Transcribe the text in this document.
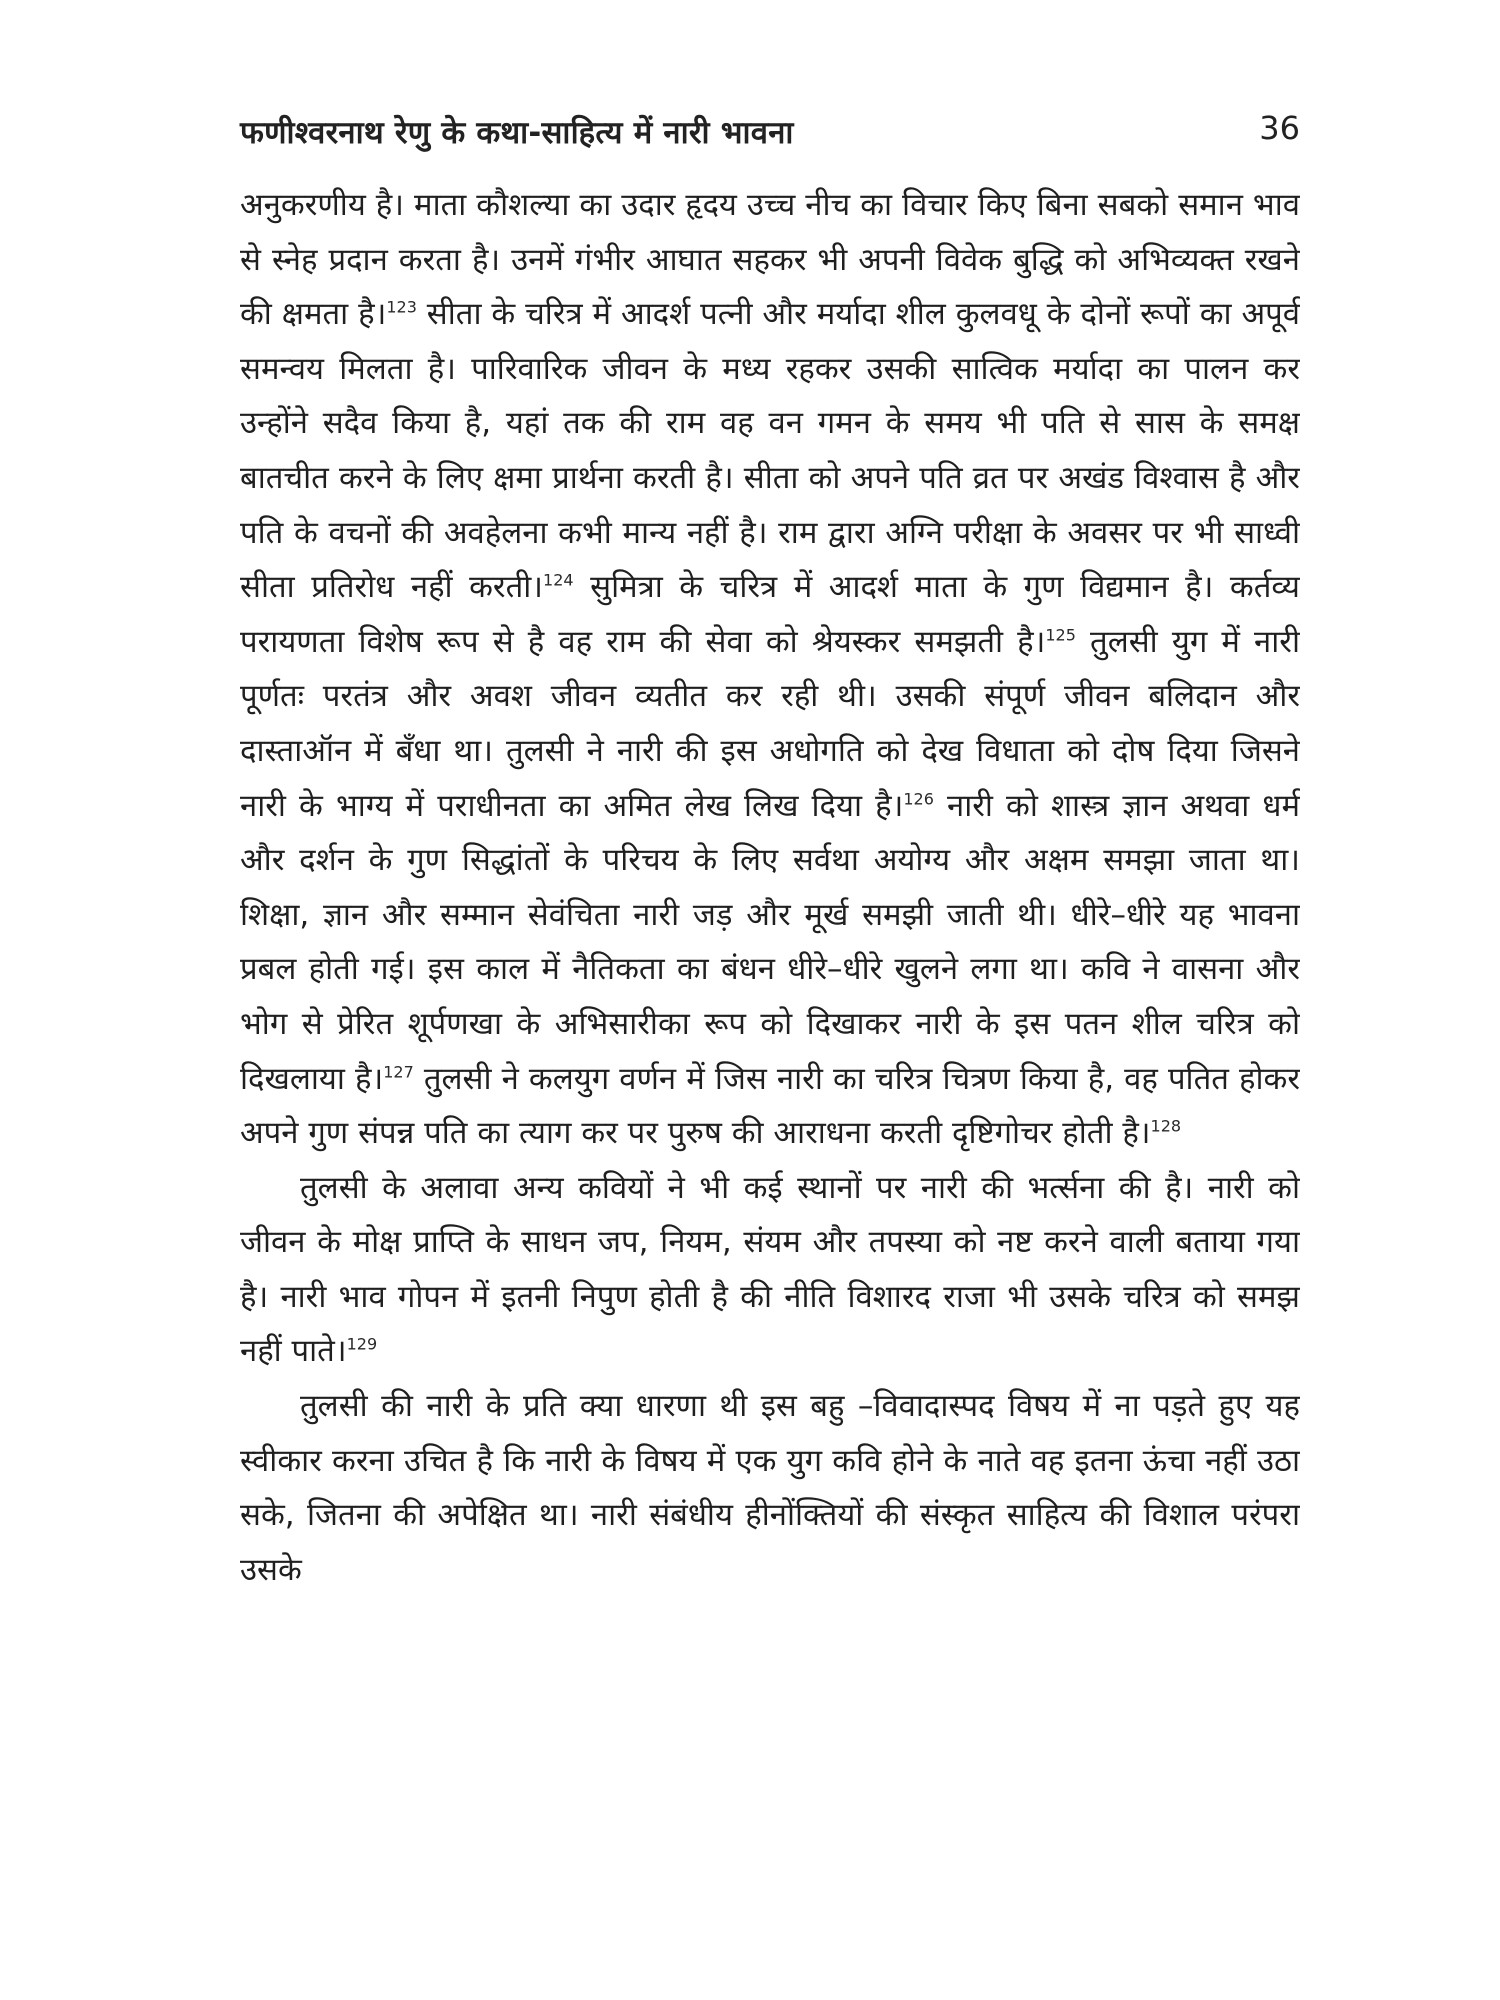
फणीश्वरनाथ रेणु के कथा-साहित्य में नारी भावना	36

अनुकरणीय है। माता कौशल्या का उदार हृदय उच्च नीच का विचार किए बिना सबको समान भाव से स्नेह प्रदान करता है। उनमें गंभीर आघात सहकर भी अपनी विवेक बुद्धि को अभिव्यक्त रखने की क्षमता है।$^{123}$ सीता के चरित्र में आदर्श पत्नी और मर्यादा शील कुलवधू के दोनों रूपों का अपूर्व समन्वय मिलता है। पारिवारिक जीवन के मध्य रहकर उसकी सात्विक मर्यादा का पालन कर उन्होंने सदैव किया है, यहां तक की राम वह वन गमन के समय भी पति से सास के समक्ष बातचीत करने के लिए क्षमा प्रार्थना करती है। सीता को अपने पति व्रत पर अखंड विश्वास है और पति के वचनों की अवहेलना कभी मान्य नहीं है। राम द्वारा अग्नि परीक्षा के अवसर पर भी साध्वी सीता प्रतिरोध नहीं करती।$^{124}$ सुमित्रा के चरित्र में आदर्श माता के गुण विद्यमान है। कर्तव्य परायणता विशेष रूप से है वह राम की सेवा को श्रेयस्कर समझती है।$^{125}$ तुलसी युग में नारी पूर्णतः परतंत्र और अवश जीवन व्यतीत कर रही थी। उसकी संपूर्ण जीवन बलिदान और दास्ताऑन में बँधा था। तुलसी ने नारी की इस अधोगति को देख विधाता को दोष दिया जिसने नारी के भाग्य में पराधीनता का अमित लेख लिख दिया है।$^{126}$ नारी को शास्त्र ज्ञान अथवा धर्म और दर्शन के गुण सिद्धांतों के परिचय के लिए सर्वथा अयोग्य और अक्षम समझा जाता था। शिक्षा, ज्ञान और सम्मान सेवंचिता नारी जड़ और मूर्ख समझी जाती थी। धीरे–धीरे यह भावना प्रबल होती गई। इस काल में नैतिकता का बंधन धीरे–धीरे खुलने लगा था। कवि ने वासना और भोग से प्रेरित शूर्पणखा के अभिसारीका रूप को दिखाकर नारी के इस पतन शील चरित्र को दिखलाया है।$^{127}$ तुलसी ने कलयुग वर्णन में जिस नारी का चरित्र चित्रण किया है, वह पतित होकर अपने गुण संपन्न पति का त्याग कर पर पुरुष की आराधना करती दृष्टिगोचर होती है।$^{128}$

तुलसी के अलावा अन्य कवियों ने भी कई स्थानों पर नारी की भर्त्सना की है। नारी को जीवन के मोक्ष प्राप्ति के साधन जप, नियम, संयम और तपस्या को नष्ट करने वाली बताया गया है। नारी भाव गोपन में इतनी निपुण होती है की नीति विशारद राजा भी उसके चरित्र को समझ नहीं पाते।$^{129}$

तुलसी की नारी के प्रति क्या धारणा थी इस बहु –विवादास्पद विषय में ना पड़ते हुए यह स्वीकार करना उचित है कि नारी के विषय में एक युग कवि होने के नाते वह इतना ऊंचा नहीं उठा सके, जितना की अपेक्षित था। नारी संबंधीय हीनोंक्तियों की संस्कृत साहित्य की विशाल परंपरा उसके
